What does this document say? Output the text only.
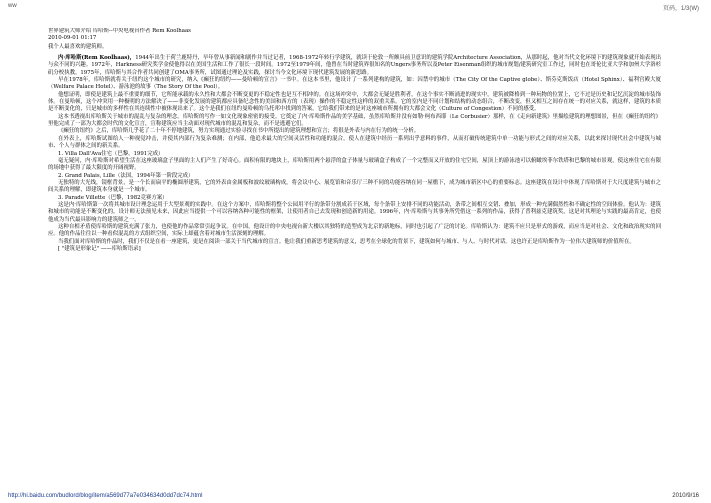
ww	页码，1/3(W)
世界建筑大师介绍 库哈斯--中央电视台作者 Rem Koolhaas
2010-09-01 01:17
我个人最喜欢的建筑师。

内·库哈斯(Rem Koolhaas)，1944年出生于荷兰鹿特丹，早年曾从事新闻和剧作并当过记者，1968-1972年转行学建筑，就读于伦敦一所颇具前卫意识的建筑学院Architecture Association，从那时起，他对当代文化环境下的建筑现象就开始表现出与众不同的兴趣。1972年，Harkness研究奖学金使他得以在美国生活和工作了很长一段时间。1972至1979年间，他曾在当时建筑界很知名的Ungers事务所以及Peter Eisenman组织的城市规划/建筑研究室工作过，同时也在哥伦比亚大学和加州大学洛杉矶分校执教。1975年，库哈斯与其合作者共同创建了OMA事务所，试图通过理论及实践，探讨当今文化环境下现代建筑发展的新思路。

早在1978年，库哈斯就将关于纽约这个城市的研究，纳入《癫狂的纽约——曼哈顿的宣言》一书中。在这本书里，他设计了一系列建构的建筑，如：囚禁中的城市（The City Of the Captive globe）、斯芬克斯饭店（Hotel Sphinx）、福利宫殿大厦（Welfare Palace Hotel）、游泳池的故事（The Story Of the Pool）。

他想证明，即使是建筑上最不重要的细节，它所能承载的永久性和大都会不断变更的不稳定性也是互不相冲的。在这场冲突中，大都会无疑是胜利者，在这个事实不断涌进的现实中，建筑被降格到一种玩物的位置上，它不过是历史和记忆沉淀的城市装饰体。在曼哈顿，这个冲突用一种极明的方法解决了——非变化发展的建筑都应具备纪念性的美国和西方的（表现）操作的不稳定性这样的双重关系。它的室内是不同计划和结构的动态组合，不断改变，但又相互之间存在统一的对应关系，就这样，建筑的本质是不断变化的，只是城市的多样性在其连续性中被体现出来了。这个是我们在纽约曼哈顿的乌托邦中找到的答案，它给我们带来的是对这座城市所拥有的大都会文化（Culture of Congestion）不同的感受。

这本书透视出库哈斯关于城市的混乱与复杂的理念。库哈斯的写作一如文化现象密密的接受。它奠定了内·库哈斯作品的美学基础，虽然库哈斯并没有如勒·柯布西耶（Le Corbusier）那样，在《走向新建筑》里描绘建筑的理想图景，但在《癫狂的纽约》里他完成了一部为大都会时代的文化宣言，宣称建筑应当主动面对现代城市的混乱和复杂，而不是逃避它们。

《癫狂的纽约》之后，库哈斯几乎花了二十年不停地建筑，努力实现通过实验寻找在书中所提出的建筑理想和宣言；将很是外表与内在行为的统一分析。

在外表上，库哈斯试图给人一种视觉冲击，并使其内部行为复杂难测；在内部，他追求最大的空间灵活性和功能的混合，使人在建筑中经历一系列出乎意料的事件，从而打破传统建筑中单一功能与形式之间的对应关系，以此来探讨现代社会中建筑与城市、个人与群体之间的新关系。

1. Villa Dall'Ava住宅（巴黎，1991完成）

毫无疑问，内·库哈斯对希望生活在这座玻璃盒子里面的主人们产生了好奇心。面积有限的地块上，库哈斯用两个悬浮的盒子体量与玻璃盒子构成了一个完整而又开放的住宅空间，屋顶上的游泳池可以俯瞰埃菲尔铁塔和巴黎的城市景观，使这座住宅在有限的场地中获得了最大限度的开阔视野。

2. Grand Palais, Lille（法国，1994年第一阶段完成）

无独特的大光线，镜框背景，是一个长而扁平的椭圆形建筑，它的外表由金属板和波纹玻璃构成，将会议中心、展览馆和音乐厅三种不同的功能容纳在同一屋檐下，成为城市新区中心的重要标志。这座建筑在设计中体现了库哈斯对于大尺度建筑与城市之间关系的理解，即建筑本身就是一个城市。

3. Parade Villette（巴黎，1982竞赛方案）

这是内·库哈斯第一次将其城市设计理念运用于大型景观的实践中。在这个方案中，库哈斯将整个公园用平行的条带分割成若干区域，每个条带上安排不同的功能活动，条带之间相互交错、叠加，形成一种充满偶然性和不确定性的空间体验。他认为：建筑和城市的功能是不断变化的，设计师无法预见未来，因此应当提供一个可以容纳各种可能性的框架，让使用者自己去发现和创造新的用途。1996年，内·库哈斯与其事务所凭借这一系列的作品，获得了普利兹克建筑奖，这是对其理论与实践的最高肯定，也使他成为当代最具影响力的建筑师之一。

这种自相矛盾使库哈斯的建筑充满了张力，也使他的作品常常引起争议。在中国，他设计的中央电视台新大楼以其独特的造型成为北京的新地标，同时也引起了广泛的讨论。库哈斯认为：建筑不应只是形式的游戏，而应当是对社会、文化和政治现实的回应。他的作品往往以一种看似混乱的方式组织空间，实际上却蕴含着对城市生活深刻的理解。

当我们面对库哈斯的作品时，我们不仅是在看一座建筑，更是在阅读一部关于当代城市的宣言。他让我们重新思考建筑的意义，思考在全球化的背景下，建筑如何与城市、与人、与时代对话。这也许正是库哈斯作为一位伟大建筑师的价值所在。

[ "建筑是形象记" ——库哈斯语录]
http://hi.baidu.com/budlord/blog/item/a569d77a7e034634d0dd7dc74.html	2010/9/16
